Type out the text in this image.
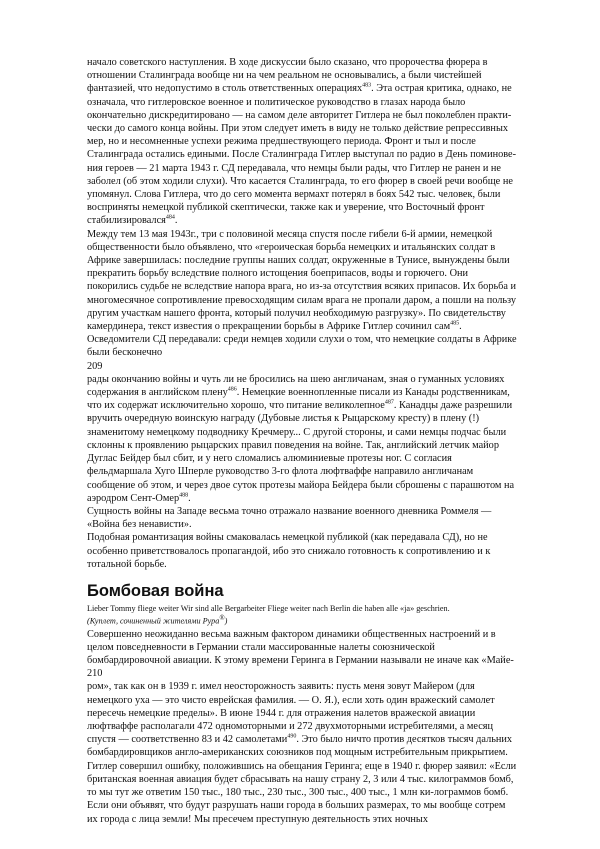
начало советского наступления. В ходе дискуссии было сказано, что пророчества фюрера в отношении Сталинграда вообще ни на чем реальном не основывались, а были чистейшей фантазией, что недопустимо в столь ответственных операциях$^{483}$. Эта острая критика, однако, не означала, что гитлеровское военное и политическое руководство в глазах народа было окончательно дискредитировано — на самом деле авторитет Гитлера не был поколеблен практи-чески до самого конца войны. При этом следует иметь в виду не только действие репрессивных мер, но и несомненные успехи режима предшествующего периода. Фронт и тыл и после Сталинграда остались едиными. После Сталинграда Гитлер выступал по радио в День поминове-ния героев — 21 марта 1943 г. СД передавала, что немцы были рады, что Гитлер не ранен и не заболел (об этом ходили слухи). Что касается Сталинграда, то его фюрер в своей речи вообще не упомянул. Слова Гитлера, что до сего момента вермахт потерял в боях 542 тыс. человек, были восприняты немецкой публикой скептически, также как и уверение, что Восточный фронт стабилизировался$^{484}$.

Между тем 13 мая 1943г., три с половиной месяца спустя после гибели 6-й армии, немецкой общественности было объявлено, что «героическая борьба немецких и итальянских солдат в Африке завершилась: последние группы наших солдат, окруженные в Тунисе, вынуждены были прекратить борьбу вследствие полного истощения боеприпасов, воды и горючего. Они покорились судьбе не вследствие напора врага, но из-за отсутствия всяких припасов. Их борьба и многомесячное сопротивление превосходящим силам врага не пропали даром, а пошли на пользу другим участкам нашего фронта, который получил необходимую разгрузку». По свидетельству камердинера, текст известия о прекращении борьбы в Африке Гитлер сочинил сам$^{485}$.

Осведомители СД передавали: среди немцев ходили слухи о том, что немецкие солдаты в Африке были бесконечно

209

рады окончанию войны и чуть ли не бросились на шею англичанам, зная о гуманных условиях содержания в английском плену$^{486}$. Немецкие военнопленные писали из Канады родственникам, что их содержат исключительно хорошо, что питание великолепное$^{487}$. Канадцы даже разрешили вручить очередную воинскую награду (Дубовые листья к Рыцарскому кресту) в плену (!) знаменитому немецкому подводнику Кречмеру... С другой стороны, и сами немцы подчас были склонны к проявлению рыцарских правил поведения на войне. Так, английский летчик майор Дуглас Бейдер был сбит, и у него сломались алюминиевые протезы ног. С согласия фельдмаршала Хуго Шперле руководство 3-го флота люфтваффе направило англичанам сообщение об этом, и через двое суток протезы майора Бейдера были сброшены с парашютом на аэродром Сент-Омер$^{488}$.

Сущность войны на Западе весьма точно отражало название военного дневника Роммеля — «Война без ненависти».

Подобная романтизация войны смаковалась немецкой публикой (как передавала СД), но не особенно приветствовалось пропагандой, ибо это снижало готовность к сопротивлению и к тотальной борьбе.

Бомбовая война

Lieber Tommy fliege weiter Wir sind alle Bergarbeiter Fliege weiter nach Berlin die haben alle «ja» geschrien.

(Куплет, сочиненный жителями Рурa®)

Совершенно неожиданно весьма важным фактором динамики общественных настроений и в целом повседневности в Германии стали массированные налеты союзнической бомбардировочной авиации. К этому времени Геринга в Германии называли не иначе как «Майе-

210

ром», так как он в 1939 г. имел неосторожность заявить: пусть меня зовут Майером (для немецкого уха — это чисто еврейская фамилия. — О. Я.), если хоть один вражеский самолет пересечь немецкие пределы». В июне 1944 г. для отражения налетов вражеской авиации люфтваффе располагали 472 одномоторными и 272 двухмоторными истребителями, а месяц спустя — соответственно 83 и 42 самолетами$^{490}$. Это было ничто против десятков тысяч дальних бомбардировщиков англо-американских союзников под мощным истребительным прикрытием.

Гитлер совершил ошибку, положившись на обещания Геринга; еще в 1940 г. фюрер заявил: «Если британская военная авиация будет сбрасывать на нашу страну 2, 3 или 4 тыс. килограммов бомб, то мы тут же ответим 150 тыс., 180 тыс., 230 тыс., 300 тыс., 400 тыс., 1 млн ки-лограммов бомб. Если они объявят, что будут разрушать наши города в больших размерах, то мы вообще сотрем их города с лица земли! Мы пресечем преступную деятельность этих ночных
